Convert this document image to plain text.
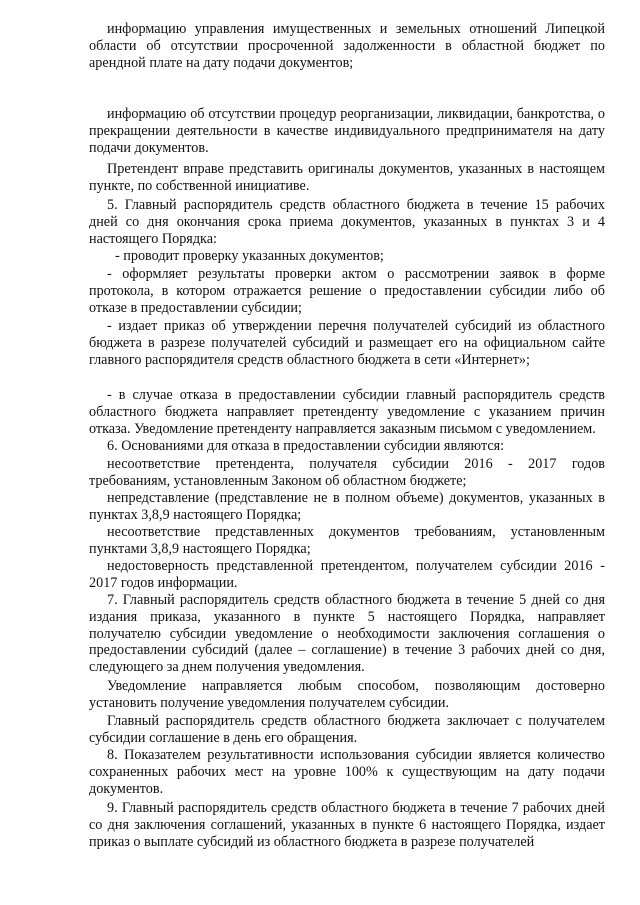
информацию управления имущественных и земельных отношений Липецкой области об отсутствии просроченной задолженности в областной бюджет по арендной плате на дату подачи документов;

информацию об отсутствии процедур реорганизации, ликвидации, банкротства, о прекращении деятельности в качестве индивидуального предпринимателя на дату подачи документов.

Претендент вправе представить оригиналы документов, указанных в настоящем пункте, по собственной инициативе.

5. Главный распорядитель средств областного бюджета в течение 15 рабочих дней со дня окончания срока приема документов, указанных в пунктах 3 и 4 настоящего Порядка:

- проводит проверку указанных документов;

- оформляет результаты проверки актом о рассмотрении заявок в форме протокола, в котором отражается решение о предоставлении субсидии либо об отказе в предоставлении субсидии;

- издает приказ об утверждении перечня получателей субсидий из областного бюджета в разрезе получателей субсидий и размещает его на официальном сайте главного распорядителя средств областного бюджета в сети «Интернет»;

- в случае отказа в предоставлении субсидии главный распорядитель средств областного бюджета направляет претенденту уведомление с указанием причин отказа. Уведомление претенденту направляется заказным письмом с уведомлением.

6. Основаниями для отказа в предоставлении субсидии являются:

несоответствие претендента, получателя субсидии 2016 - 2017 годов требованиям, установленным Законом об областном бюджете;

непредставление (представление не в полном объеме) документов, указанных в пунктах 3,8,9 настоящего Порядка;

несоответствие представленных документов требованиям, установленным пунктами 3,8,9 настоящего Порядка;

недостоверность представленной претендентом, получателем субсидии 2016 - 2017 годов информации.

7. Главный распорядитель средств областного бюджета в течение 5 дней со дня издания приказа, указанного в пункте 5 настоящего Порядка, направляет получателю субсидии уведомление о необходимости заключения соглашения о предоставлении субсидий (далее – соглашение) в течение 3 рабочих дней со дня, следующего за днем получения уведомления.

Уведомление направляется любым способом, позволяющим достоверно установить получение уведомления получателем субсидии.

Главный распорядитель средств областного бюджета заключает с получателем субсидии соглашение в день его обращения.

8. Показателем результативности использования субсидии является количество сохраненных рабочих мест на уровне 100% к существующим на дату подачи документов.

9. Главный распорядитель средств областного бюджета в течение 7 рабочих дней со дня заключения соглашений, указанных в пункте 6 настоящего Порядка, издает приказ о выплате субсидий из областного бюджета в разрезе получателей
